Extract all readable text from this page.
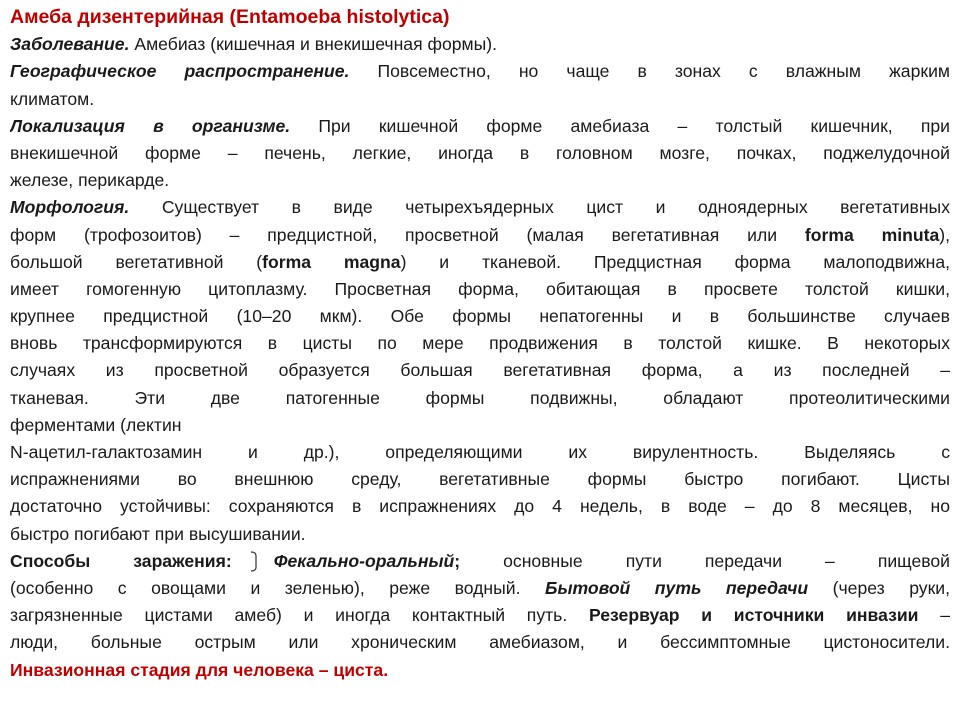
Амеба дизентерийная (Entamoeba histolytica)
Заболевание. Амебиаз (кишечная и внекишечная формы).
Географическое распространение. Повсеместно, но чаще в зонах с влажным жарким
климатом.
Локализация в организме. При кишечной форме амебиаза – толстый кишечник, при
внекишечной форме – печень, легкие, иногда в головном мозге, почках, поджелудочной
железе, перикарде.
Морфология. Существует в виде четырехъядерных цист и одноядерных вегетативных
форм (трофозоитов) – предцистной, просветной (малая вегетативная или forma minuta),
большой вегетативной (forma magna) и тканевой. Предцистная форма малоподвижна,
имеет гомогенную цитоплазму. Просветная форма, обитающая в просвете толстой кишки,
крупнее предцистной (10–20 мкм). Обе формы непатогенны и в большинстве случаев
вновь трансформируются в цисты по мере продвижения в толстой кишке. В некоторых
случаях из просветной образуется большая вегетативная форма, а из последней –
тканевая. Эти две патогенные формы подвижны, обладают протеолитическими
ферментами (лектин
N-ацетил-галактозамин и др.), определяющими их вирулентность. Выделяясь с
испражнениями во внешнюю среду, вегетативные формы быстро погибают. Цисты
достаточно устойчивы: сохраняются в испражнениях до 4 недель, в воде – до 8 месяцев, но
быстро погибают при высушивании.
Способы заражения: Фекально-оральный; основные пути передачи – пищевой
(особенно с овощами и зеленью), реже водный. Бытовой путь передачи (через руки,
загрязненные цистами амеб) и иногда контактный путь. Резервуар и источники инвазии –
люди, больные острым или хроническим амебиазом, и бессимптомные цистоносители.
Инвазионная стадия для человека – циста.
